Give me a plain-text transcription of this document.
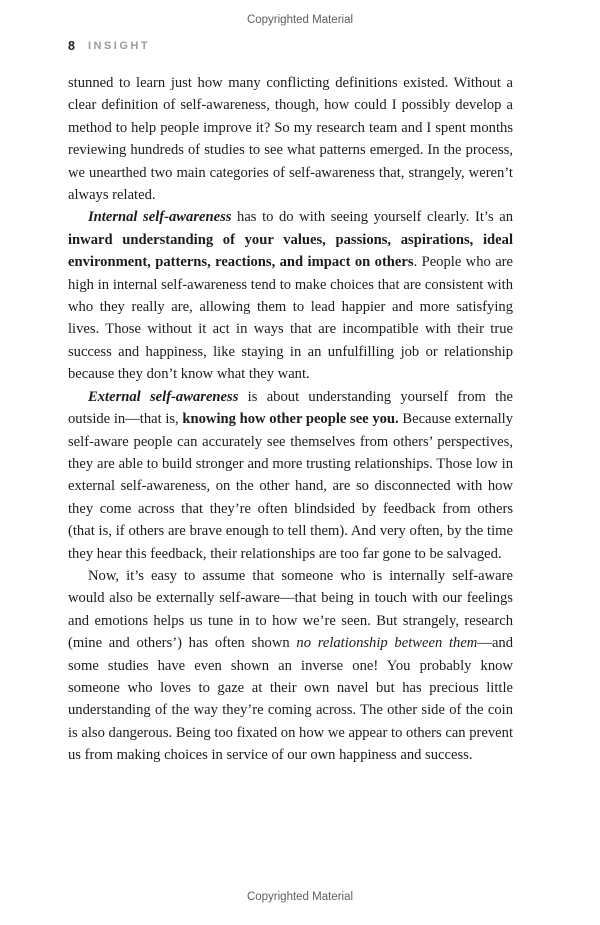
Copyrighted Material
8 INSIGHT

stunned to learn just how many conflicting definitions existed. Without a clear definition of self-awareness, though, how could I possibly develop a method to help people improve it? So my research team and I spent months reviewing hundreds of studies to see what patterns emerged. In the process, we unearthed two main categories of self-awareness that, strangely, weren’t always related.

Internal self-awareness has to do with seeing yourself clearly. It’s an inward understanding of your values, passions, aspirations, ideal environment, patterns, reactions, and impact on others. People who are high in internal self-awareness tend to make choices that are consistent with who they really are, allowing them to lead happier and more satisfying lives. Those without it act in ways that are incompatible with their true success and happiness, like staying in an unfulfilling job or relationship because they don’t know what they want.

External self-awareness is about understanding yourself from the outside in—that is, knowing how other people see you. Because externally self-aware people can accurately see themselves from others’ perspectives, they are able to build stronger and more trusting relationships. Those low in external self-awareness, on the other hand, are so disconnected with how they come across that they’re often blindsided by feedback from others (that is, if others are brave enough to tell them). And very often, by the time they hear this feedback, their relationships are too far gone to be salvaged.

Now, it’s easy to assume that someone who is internally self-aware would also be externally self-aware—that being in touch with our feelings and emotions helps us tune in to how we’re seen. But strangely, research (mine and others’) has often shown no relationship between them—and some studies have even shown an inverse one! You probably know someone who loves to gaze at their own navel but has precious little understanding of the way they’re coming across. The other side of the coin is also dangerous. Being too fixated on how we appear to others can prevent us from making choices in service of our own happiness and success.

Copyrighted Material
